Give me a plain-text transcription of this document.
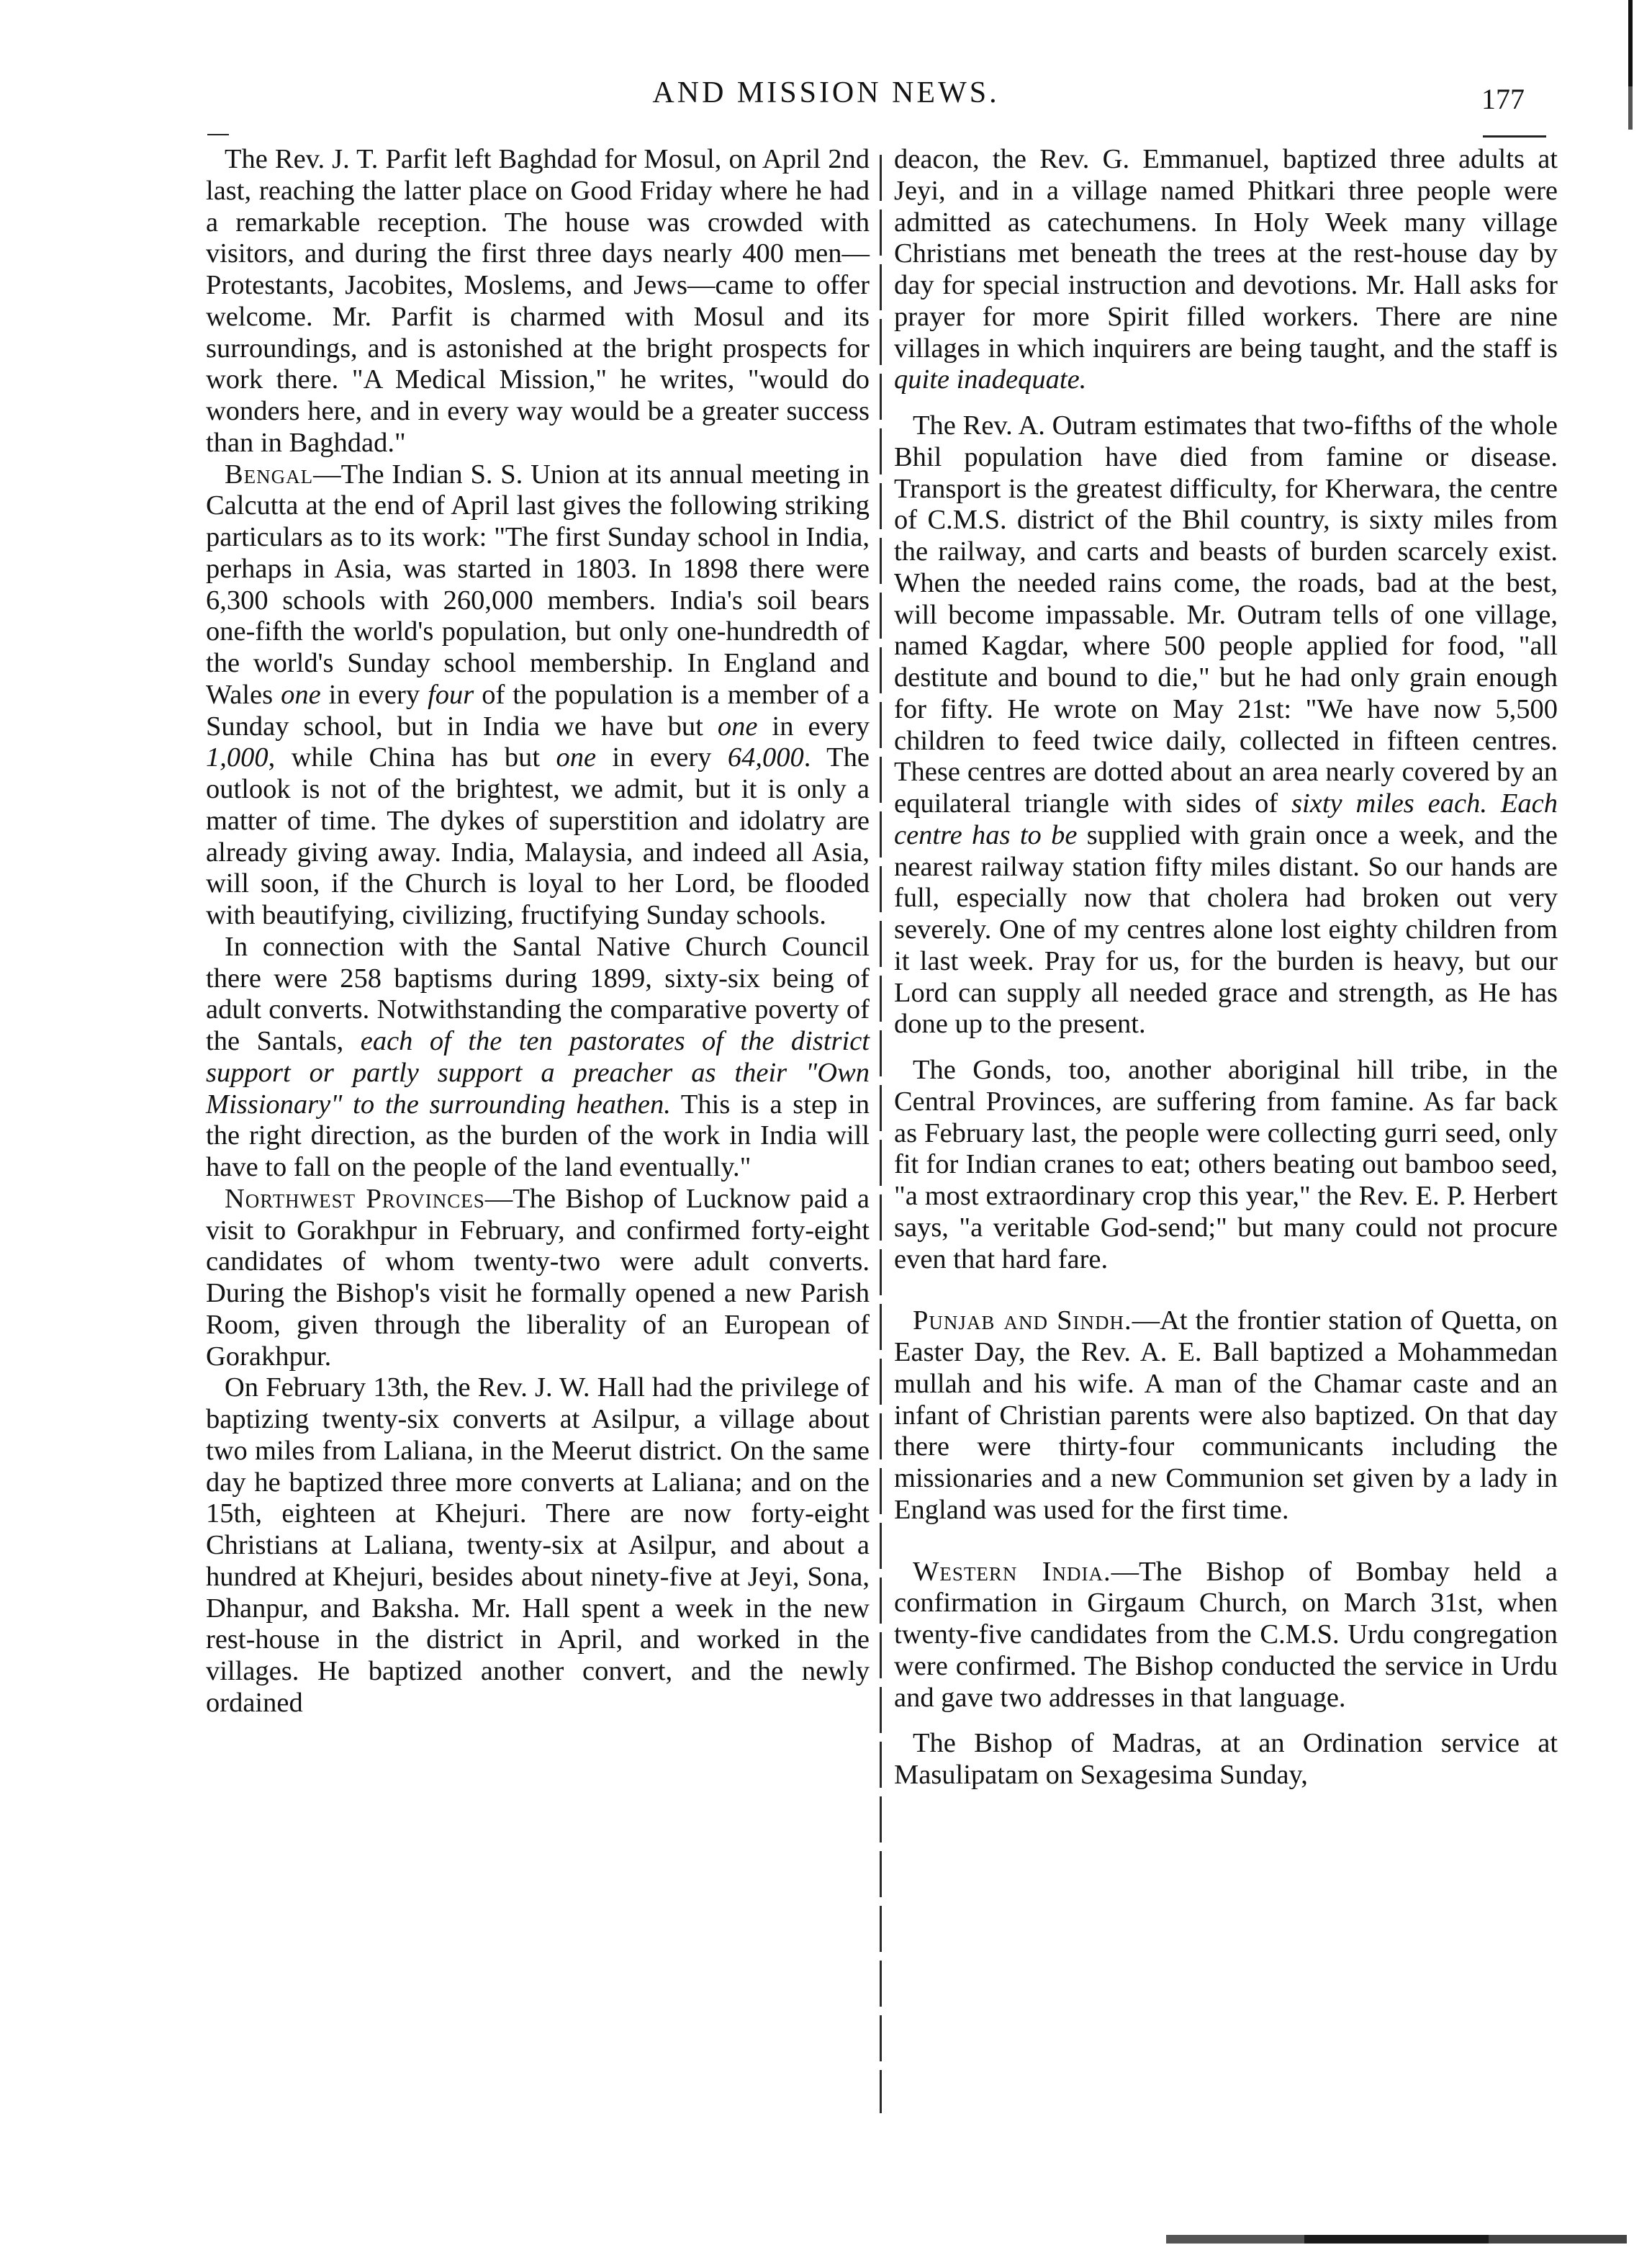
AND MISSION NEWS.	177

The Rev. J. T. Parfit left Baghdad for Mosul, on April 2nd last, reaching the latter place on Good Friday where he had a remarkable reception. The house was crowded with visitors, and during the first three days nearly 400 men—Protestants, Jacobites, Moslems, and Jews—came to offer welcome. Mr. Parfit is charmed with Mosul and its surroundings, and is astonished at the bright prospects for work there. "A Medical Mission," he writes, "would do wonders here, and in every way would be a greater success than in Baghdad."

Bengal—The Indian S. S. Union at its annual meeting in Calcutta at the end of April last gives the following striking particulars as to its work: "The first Sunday school in India, perhaps in Asia, was started in 1803. In 1898 there were 6,300 schools with 260,000 members. India's soil bears one-fifth the world's population, but only one-hundredth of the world's Sunday school membership. In England and Wales one in every four of the population is a member of a Sunday school, but in India we have but one in every 1,000, while China has but one in every 64,000. The outlook is not of the brightest, we admit, but it is only a matter of time. The dykes of superstition and idolatry are already giving away. India, Malaysia, and indeed all Asia, will soon, if the Church is loyal to her Lord, be flooded with beautifying, civilizing, fructifying Sunday schools.

In connection with the Santal Native Church Council there were 258 baptisms during 1899, sixty-six being of adult converts. Notwithstanding the comparative poverty of the Santals, each of the ten pastorates of the district support or partly support a preacher as their "Own Missionary" to the surrounding heathen. This is a step in the right direction, as the burden of the work in India will have to fall on the people of the land eventually."

Northwest Provinces—The Bishop of Lucknow paid a visit to Gorakhpur in February, and confirmed forty-eight candidates of whom twenty-two were adult converts. During the Bishop's visit he formally opened a new Parish Room, given through the liberality of an European of Gorakhpur.

On February 13th, the Rev. J. W. Hall had the privilege of baptizing twenty-six converts at Asilpur, a village about two miles from Laliana, in the Meerut district. On the same day he baptized three more converts at Laliana; and on the 15th, eighteen at Khejuri. There are now forty-eight Christians at Laliana, twenty-six at Asilpur, and about a hundred at Khejuri, besides about ninety-five at Jeyi, Sona, Dhanpur, and Baksha. Mr. Hall spent a week in the new rest-house in the district in April, and worked in the villages. He baptized another convert, and the newly ordained

deacon, the Rev. G. Emmanuel, baptized three adults at Jeyi, and in a village named Phitkari three people were admitted as catechumens. In Holy Week many village Christians met beneath the trees at the rest-house day by day for special instruction and devotions. Mr. Hall asks for prayer for more Spirit filled workers. There are nine villages in which inquirers are being taught, and the staff is quite inadequate.

The Rev. A. Outram estimates that two-fifths of the whole Bhil population have died from famine or disease. Transport is the greatest difficulty, for Kherwara, the centre of C.M.S. district of the Bhil country, is sixty miles from the railway, and carts and beasts of burden scarcely exist. When the needed rains come, the roads, bad at the best, will become impassable. Mr. Outram tells of one village, named Kagdar, where 500 people applied for food, "all destitute and bound to die," but he had only grain enough for fifty. He wrote on May 21st: "We have now 5,500 children to feed twice daily, collected in fifteen centres. These centres are dotted about an area nearly covered by an equilateral triangle with sides of sixty miles each. Each centre has to be supplied with grain once a week, and the nearest railway station fifty miles distant. So our hands are full, especially now that cholera had broken out very severely. One of my centres alone lost eighty children from it last week. Pray for us, for the burden is heavy, but our Lord can supply all needed grace and strength, as He has done up to the present.

The Gonds, too, another aboriginal hill tribe, in the Central Provinces, are suffering from famine. As far back as February last, the people were collecting gurri seed, only fit for Indian cranes to eat; others beating out bamboo seed, "a most extraordinary crop this year," the Rev. E. P. Herbert says, "a veritable God-send;" but many could not procure even that hard fare.

Punjab and Sindh.—At the frontier station of Quetta, on Easter Day, the Rev. A. E. Ball baptized a Mohammedan mullah and his wife. A man of the Chamar caste and an infant of Christian parents were also baptized. On that day there were thirty-four communicants including the missionaries and a new Communion set given by a lady in England was used for the first time.

Western India.—The Bishop of Bombay held a confirmation in Girgaum Church, on March 31st, when twenty-five candidates from the C.M.S. Urdu congregation were confirmed. The Bishop conducted the service in Urdu and gave two addresses in that language.

The Bishop of Madras, at an Ordination service at Masulipatam on Sexagesima Sunday,
